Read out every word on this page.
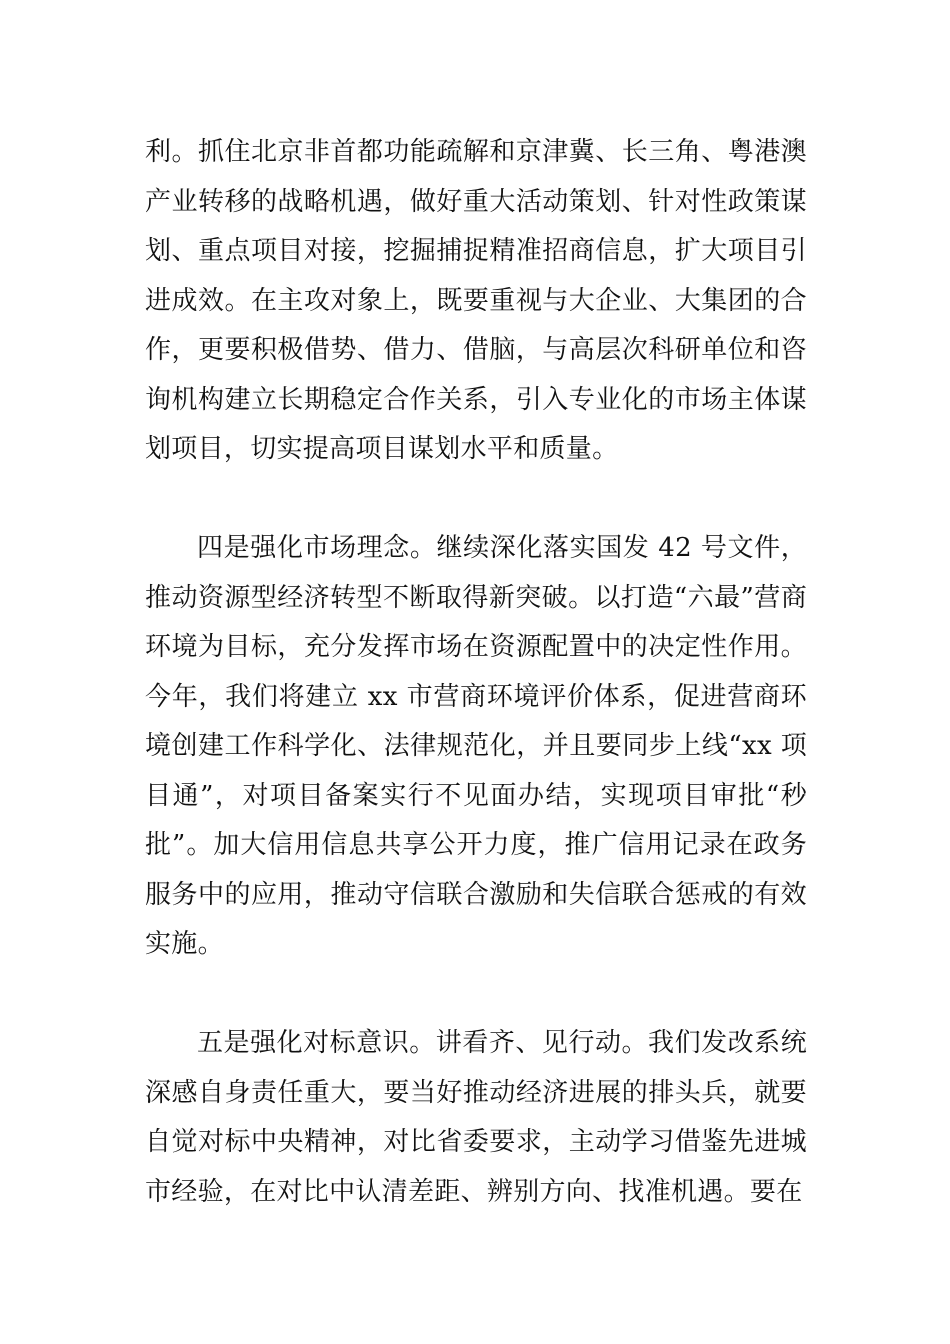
利。抓住北京非首都功能疏解和京津冀、长三角、粤港澳产业转移的战略机遇，做好重大活动策划、针对性政策谋划、重点项目对接，挖掘捕捉精准招商信息，扩大项目引进成效。在主攻对象上，既要重视与大企业、大集团的合作，更要积极借势、借力、借脑，与高层次科研单位和咨询机构建立长期稳定合作关系，引入专业化的市场主体谋划项目，切实提高项目谋划水平和质量。

四是强化市场理念。继续深化落实国发 42 号文件，推动资源型经济转型不断取得新突破。以打造“六最”营商环境为目标，充分发挥市场在资源配置中的决定性作用。今年，我们将建立 xx 市营商环境评价体系，促进营商环境创建工作科学化、法律规范化，并且要同步上线“xx 项目通”，对项目备案实行不见面办结，实现项目审批“秒批”。加大信用信息共享公开力度，推广信用记录在政务服务中的应用，推动守信联合激励和失信联合惩戒的有效实施。

五是强化对标意识。讲看齐、见行动。我们发改系统深感自身责任重大，要当好推动经济进展的排头兵，就要自觉对标中央精神，对比省委要求，主动学习借鉴先进城市经验，在对比中认清差距、辨别方向、找准机遇。要在
